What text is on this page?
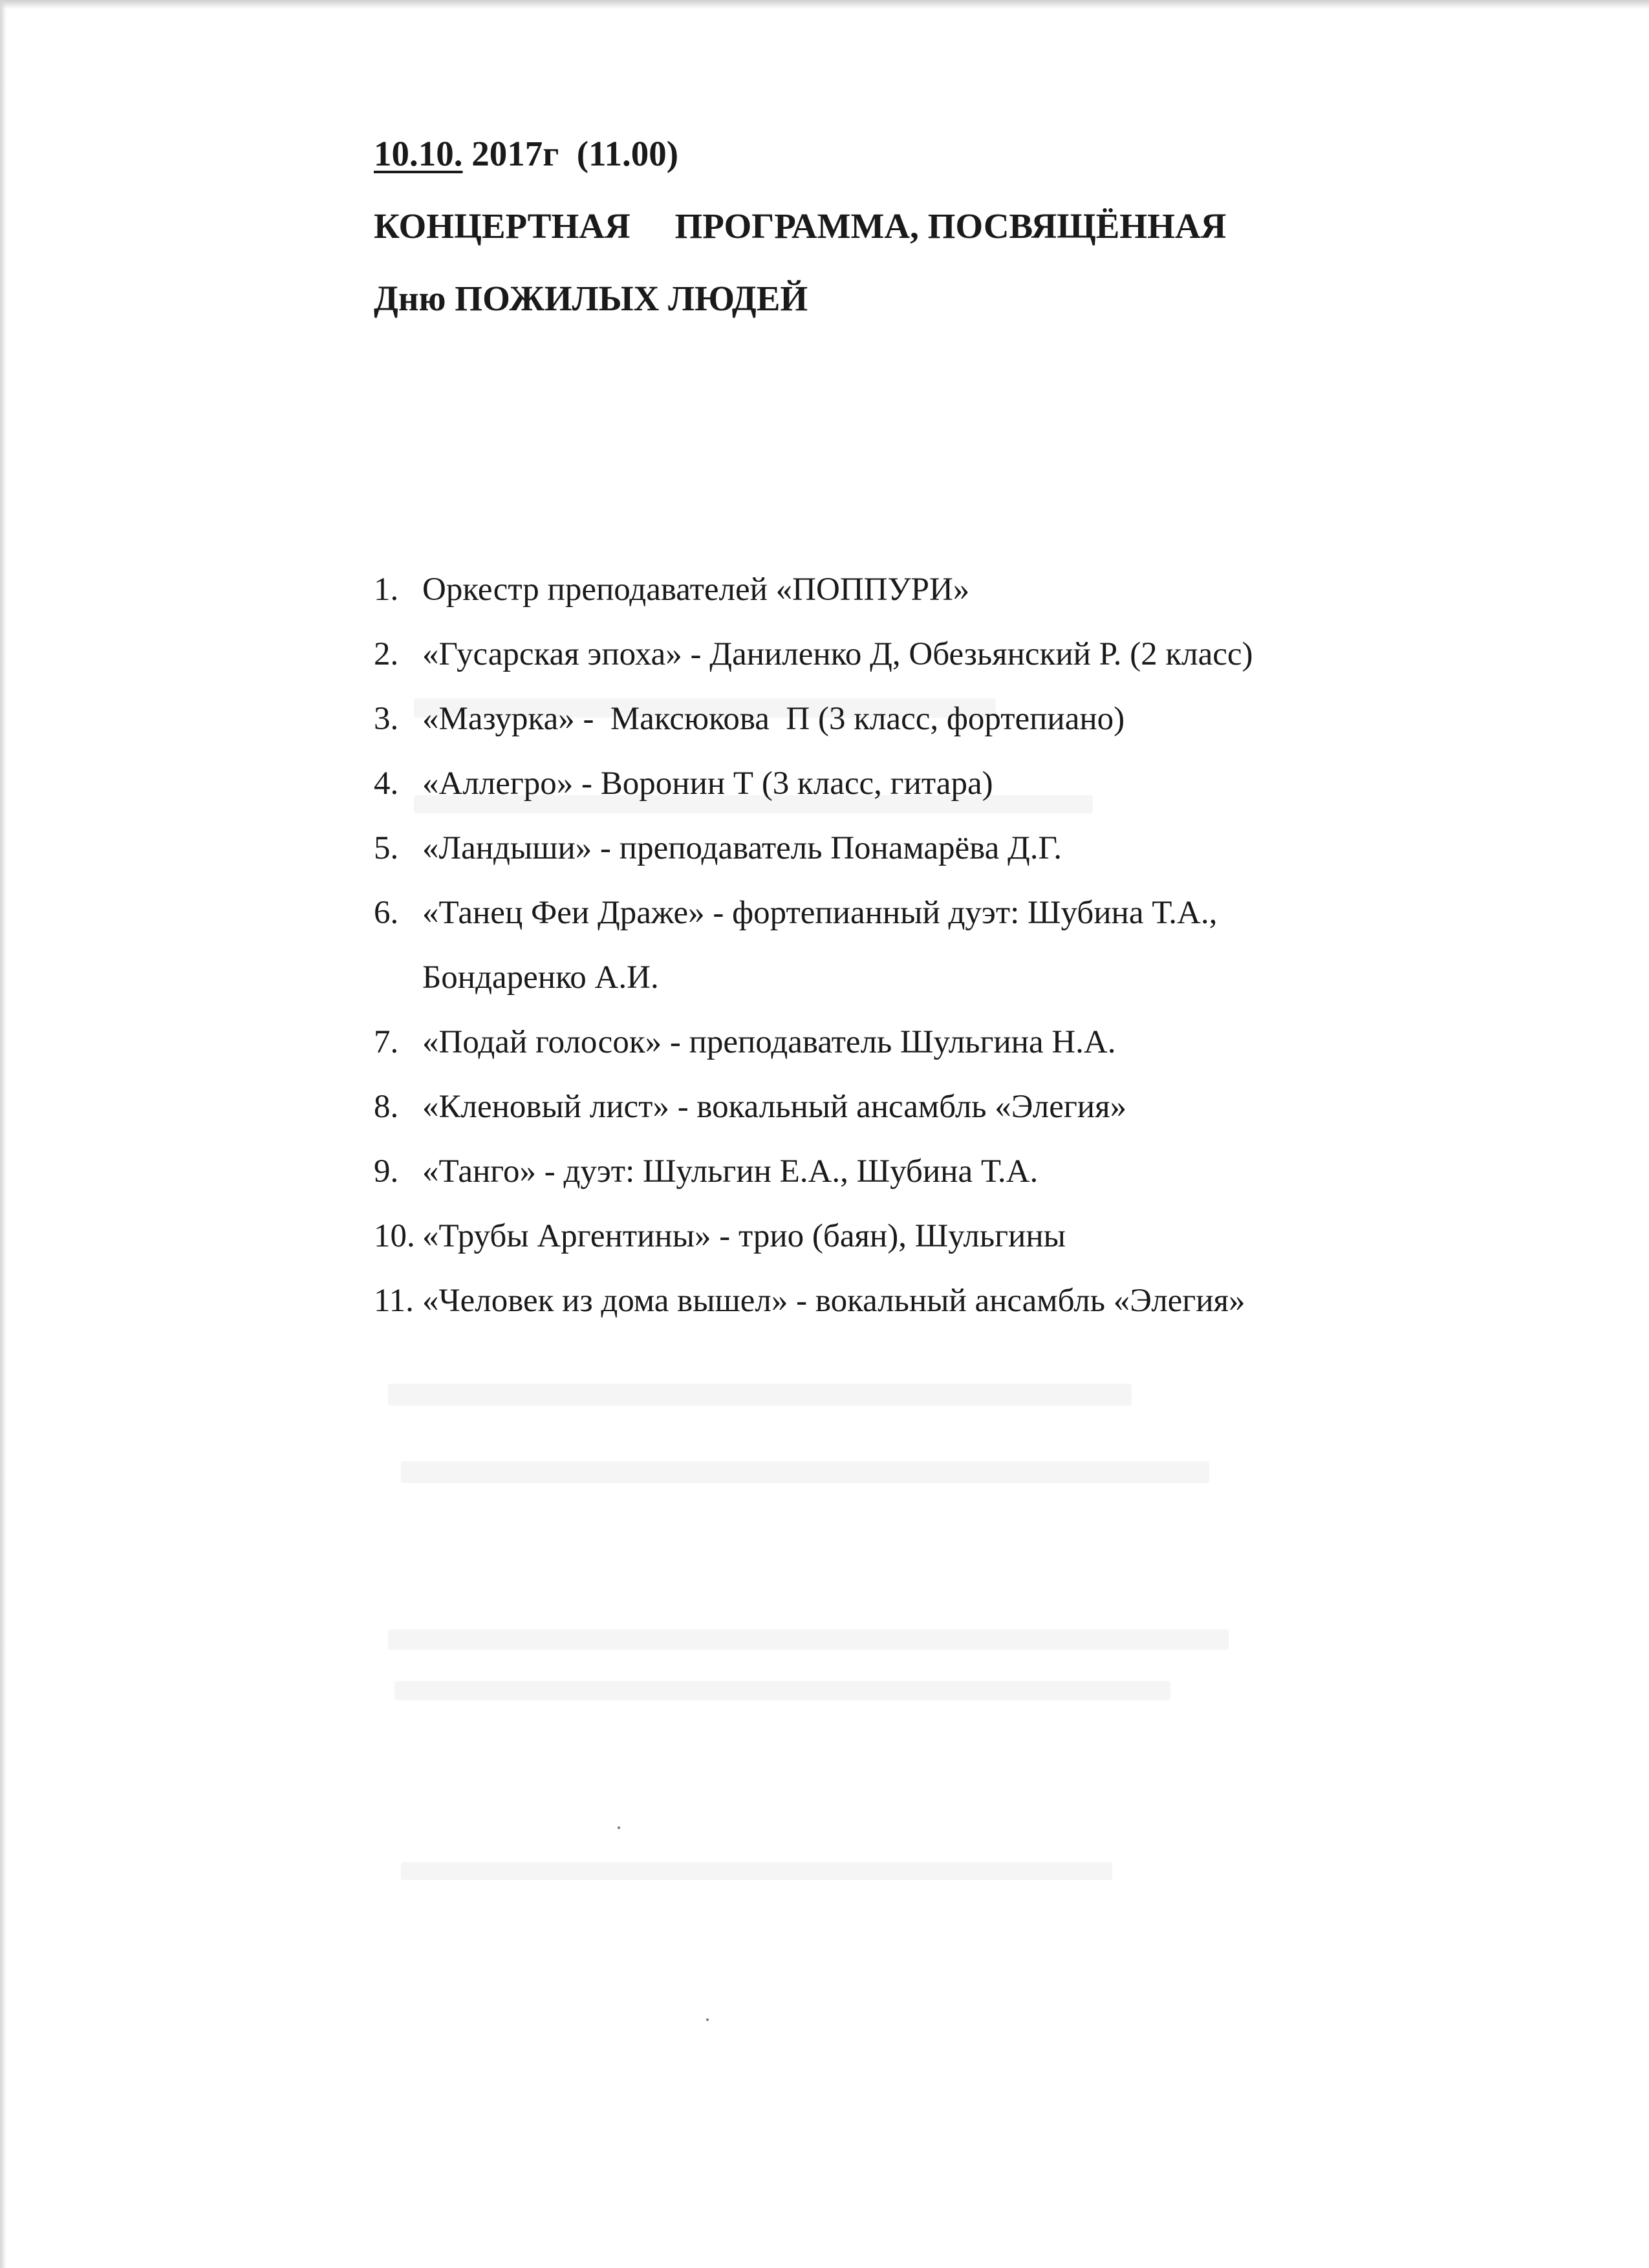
10.10. 2017г  (11.00)
КОНЦЕРТНАЯ     ПРОГРАММА, ПОСВЯЩЁННАЯ
Дню ПОЖИЛЫХ ЛЮДЕЙ
1. Оркестр преподавателей «ПОППУРИ»
2. «Гусарская эпоха» - Даниленко Д, Обезьянский Р. (2 класс)
3. «Мазурка» -  Максюкова  П (3 класс, фортепиано)
4. «Аллегро» - Воронин Т (3 класс, гитара)
5. «Ландыши» - преподаватель Понамарёва Д.Г.
6. «Танец Феи Драже» - фортепианный дуэт: Шубина Т.А.,
Бондаренко А.И.
7. «Подай голосок» - преподаватель Шульгина Н.А.
8. «Кленовый лист» - вокальный ансамбль «Элегия»
9. «Танго» - дуэт: Шульгин Е.А., Шубина Т.А.
10. «Трубы Аргентины» - трио (баян), Шульгины
11. «Человек из дома вышел» - вокальный ансамбль «Элегия»
